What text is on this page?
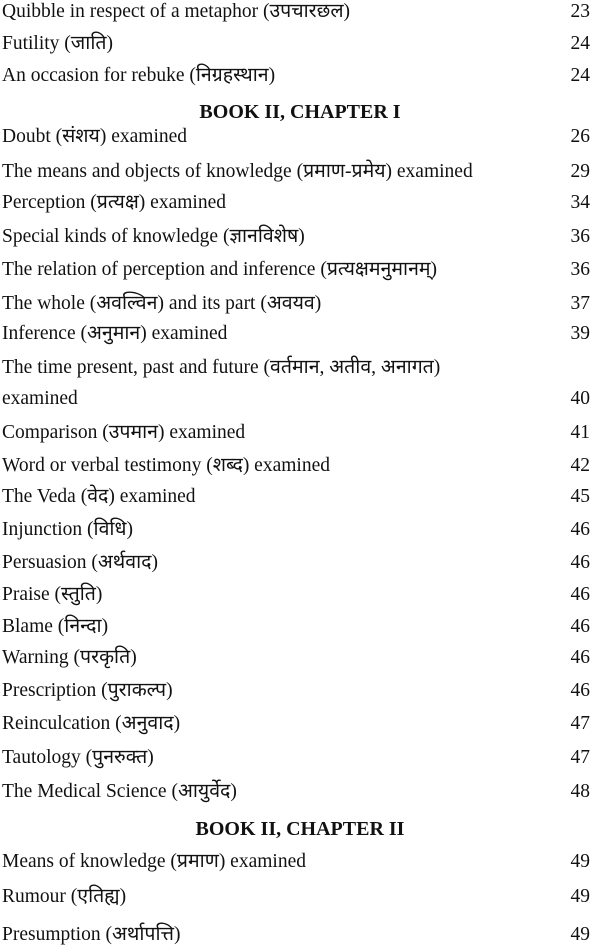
Quibble in respect of a metaphor (उपचारछल)	23
Futility (जाति)	24
An occasion for rebuke (निग्रहस्थान)	24
BOOK II, CHAPTER I
Doubt (संशय) examined	26
The means and objects of knowledge (प्रमाण-प्रमेय) examined	29
Perception (प्रत्यक्ष) examined	34
Special kinds of knowledge (ज्ञानविशेष)	36
The relation of perception and inference (प्रत्यक्षमनुमानम्)	36
The whole (अवल्विन) and its part (अवयव)	37
Inference (अनुमान) examined	39
The time present, past and future (वर्तमान, अतीव, अनागत)
examined	40
Comparison (उपमान) examined	41
Word or verbal testimony (शब्द) examined	42
The Veda (वेद) examined	45
Injunction (विधि)	46
Persuasion (अर्थवाद)	46
Praise (स्तुति)	46
Blame (निन्दा)	46
Warning (परकृति)	46
Prescription (पुराकल्प)	46
Reinculcation (अनुवाद)	47
Tautology (पुनरुक्त)	47
The Medical Science (आयुर्वेद)	48
BOOK II, CHAPTER II
Means of knowledge (प्रमाण) examined	49
Rumour (एतिह्य)	49
Presumption (अर्थापत्ति)	49
